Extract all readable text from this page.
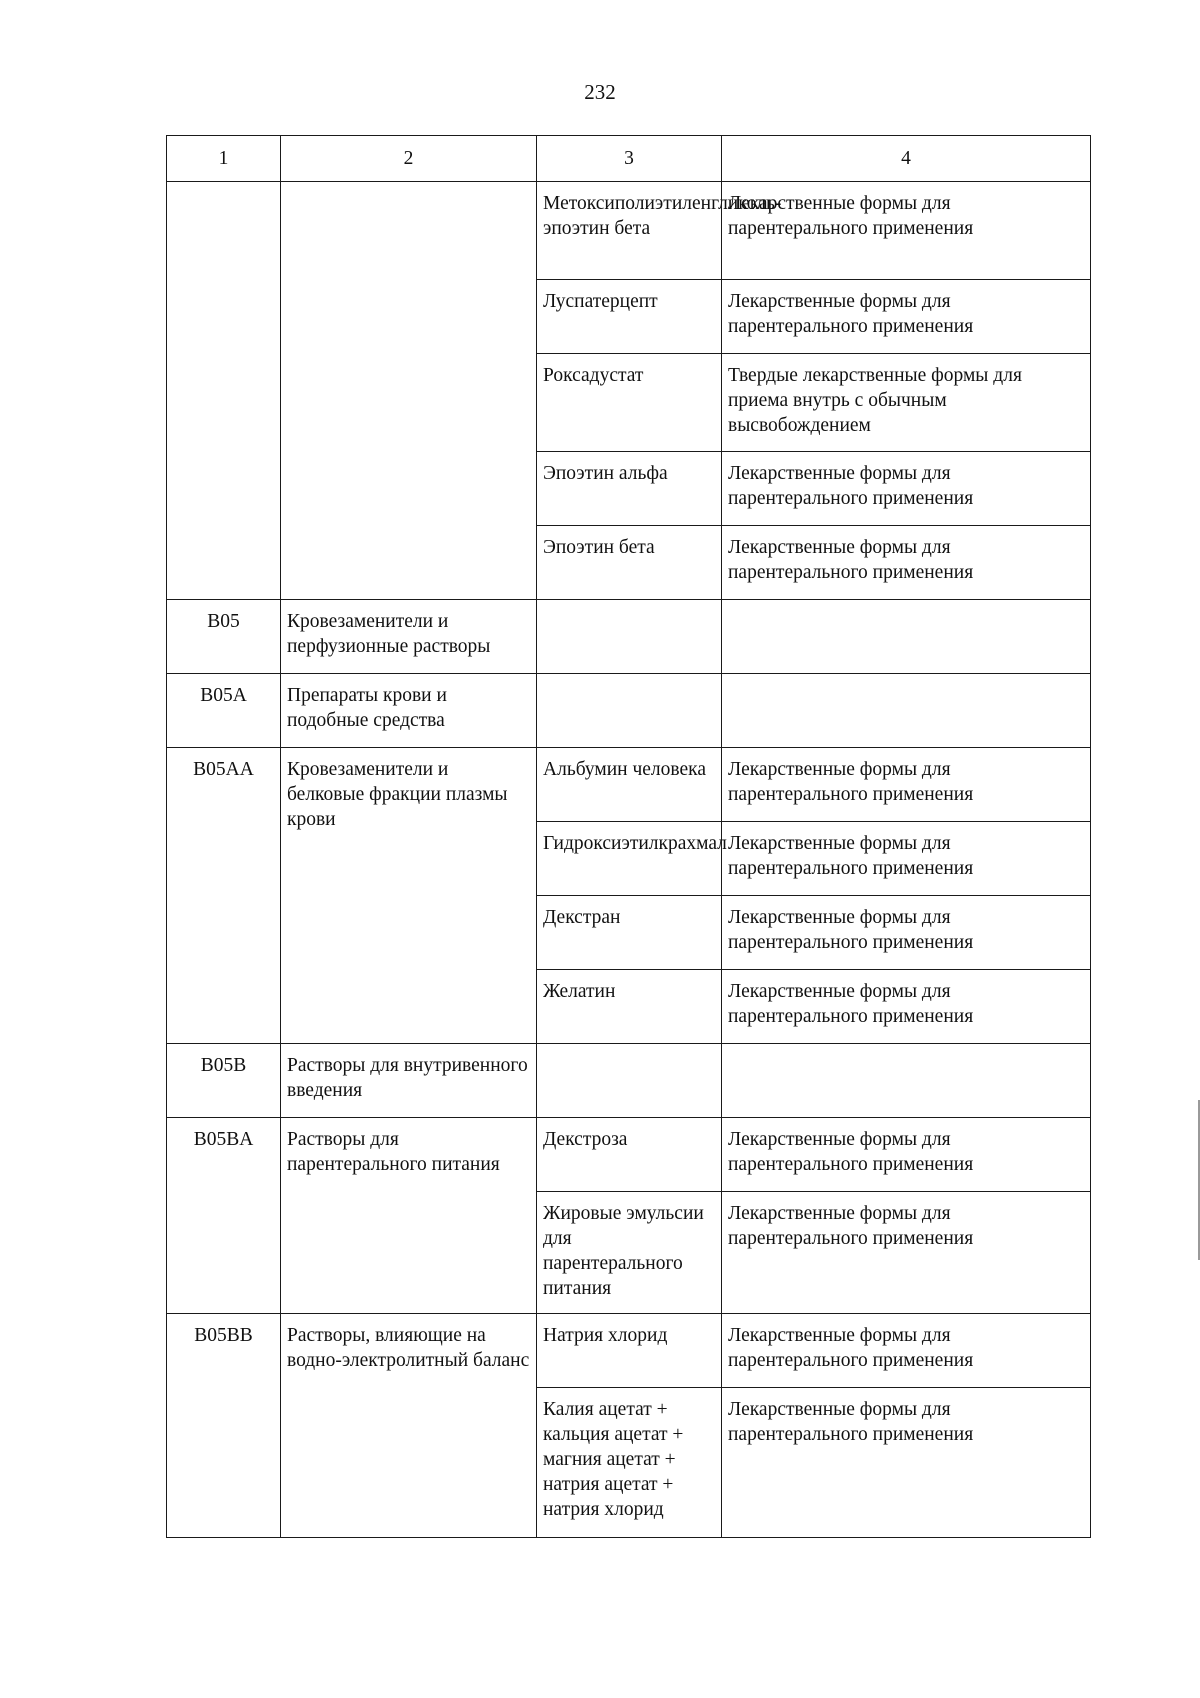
232
1	2	3	4
		Метоксиполиэтиленгликоль-эпоэтин бета	Лекарственные формы для парентерального применения
		Луспатерцепт	Лекарственные формы для парентерального применения
		Роксадустат	Твердые лекарственные формы для приема внутрь с обычным высвобождением
		Эпоэтин альфа	Лекарственные формы для парентерального применения
		Эпоэтин бета	Лекарственные формы для парентерального применения
B05	Кровезаменители и перфузионные растворы		
B05A	Препараты крови и подобные средства		
B05AA	Кровезаменители и белковые фракции плазмы крови	Альбумин человека	Лекарственные формы для парентерального применения
		Гидроксиэтилкрахмал	Лекарственные формы для парентерального применения
		Декстран	Лекарственные формы для парентерального применения
		Желатин	Лекарственные формы для парентерального применения
B05B	Растворы для внутривенного введения		
B05BA	Растворы для парентерального питания	Декстроза	Лекарственные формы для парентерального применения
		Жировые эмульсии для парентерального питания	Лекарственные формы для парентерального применения
B05BB	Растворы, влияющие на водно-электролитный баланс	Натрия хлорид	Лекарственные формы для парентерального применения
		Калия ацетат + кальция ацетат + магния ацетат + натрия ацетат + натрия хлорид	Лекарственные формы для парентерального применения
